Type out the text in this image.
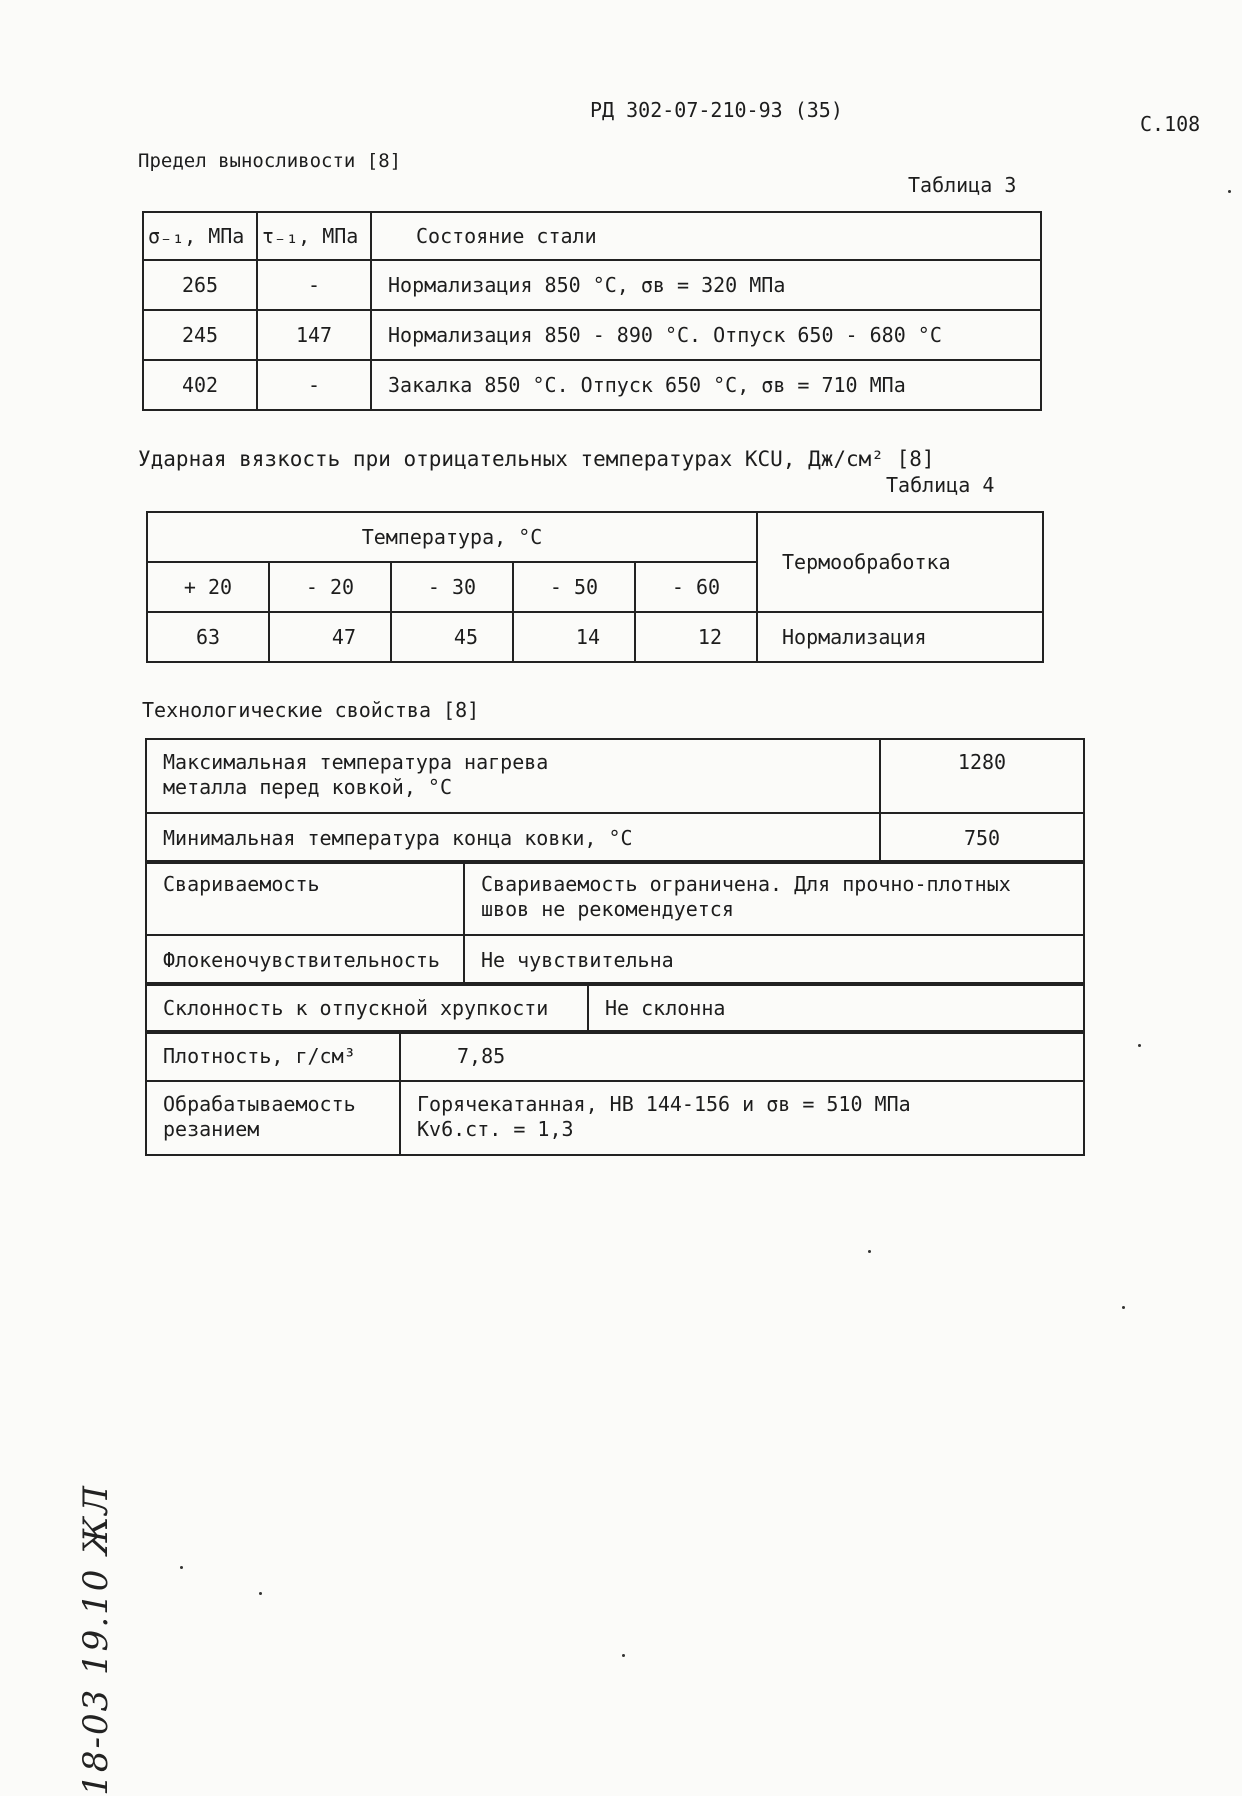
РД 302-07-210-93 (35)
С.108
Предел выносливости [8]
Таблица 3
σ₋₁, МПа	τ₋₁, МПа	Состояние стали
265	-	Нормализация 850 °С, σв = 320 МПа
245	147	Нормализация 850 - 890 °С. Отпуск 650 - 680 °С
402	-	Закалка 850 °С. Отпуск 650 °С, σв = 710 МПа
Ударная вязкость при отрицательных температурах KCU, Дж/см² [8]
Таблица 4
Температура, °С					Термообработка
+ 20	- 20	- 30	- 50	- 60	
63	47	45	14	12	Нормализация
Технологические свойства [8]
Максимальная температура нагрева
металла перед ковкой, °С	1280
Минимальная температура конца ковки, °С	750
Свариваемость	Свариваемость ограничена. Для прочно-плотных
швов не рекомендуется

Флокеночувствительность	Не чувствительна
Склонность к отпускной хрупкости	Не склонна
Плотность, г/см³	7,85

Обрабатываемость
резанием	Горячекатанная, НВ 144-156 и σв = 510 МПа
Kv6.ст. = 1,3
18-03 19.10 ЖЛ
